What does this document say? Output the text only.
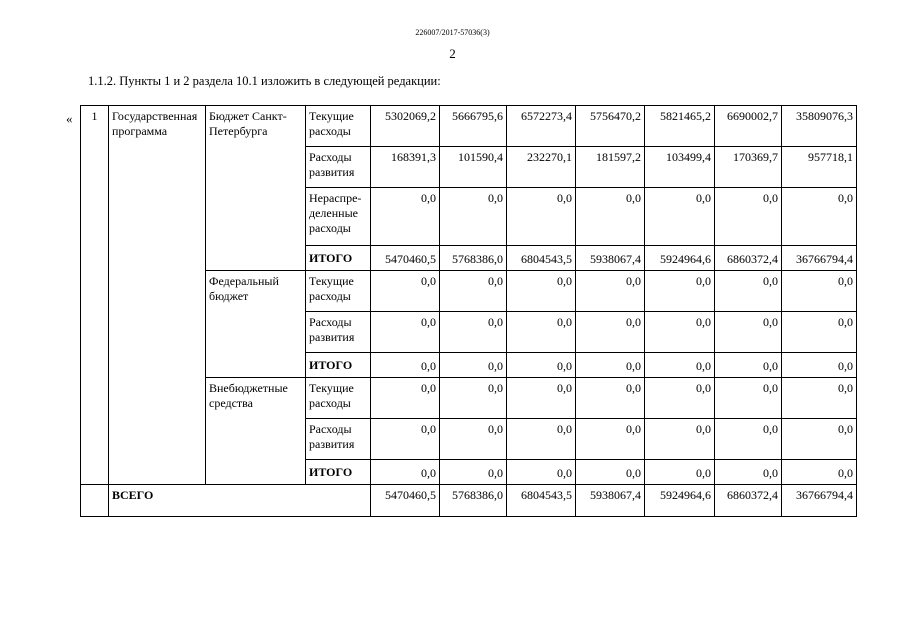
226007/2017-57036(3)
2
1.1.2. Пункты 1 и 2 раздела 10.1 изложить в следующей редакции:
« 1	Государственная программа	Бюджет Санкт-Петербурга	Текущие расходы	5302069,2	5666795,6	6572273,4	5756470,2	5821465,2	6690002,7	35809076,3
			Расходы развития	168391,3	101590,4	232270,1	181597,2	103499,4	170369,7	957718,1
			Нераспре-деленные расходы	0,0	0,0	0,0	0,0	0,0	0,0	0,0
			ИТОГО	5470460,5	5768386,0	6804543,5	5938067,4	5924964,6	6860372,4	36766794,4
		Федеральный бюджет	Текущие расходы	0,0	0,0	0,0	0,0	0,0	0,0	0,0
			Расходы развития	0,0	0,0	0,0	0,0	0,0	0,0	0,0
			ИТОГО	0,0	0,0	0,0	0,0	0,0	0,0	0,0
		Внебюджетные средства	Текущие расходы	0,0	0,0	0,0	0,0	0,0	0,0	0,0
			Расходы развития	0,0	0,0	0,0	0,0	0,0	0,0	0,0
			ИТОГО	0,0	0,0	0,0	0,0	0,0	0,0	0,0
	ВСЕГО			5470460,5	5768386,0	6804543,5	5938067,4	5924964,6	6860372,4	36766794,4
